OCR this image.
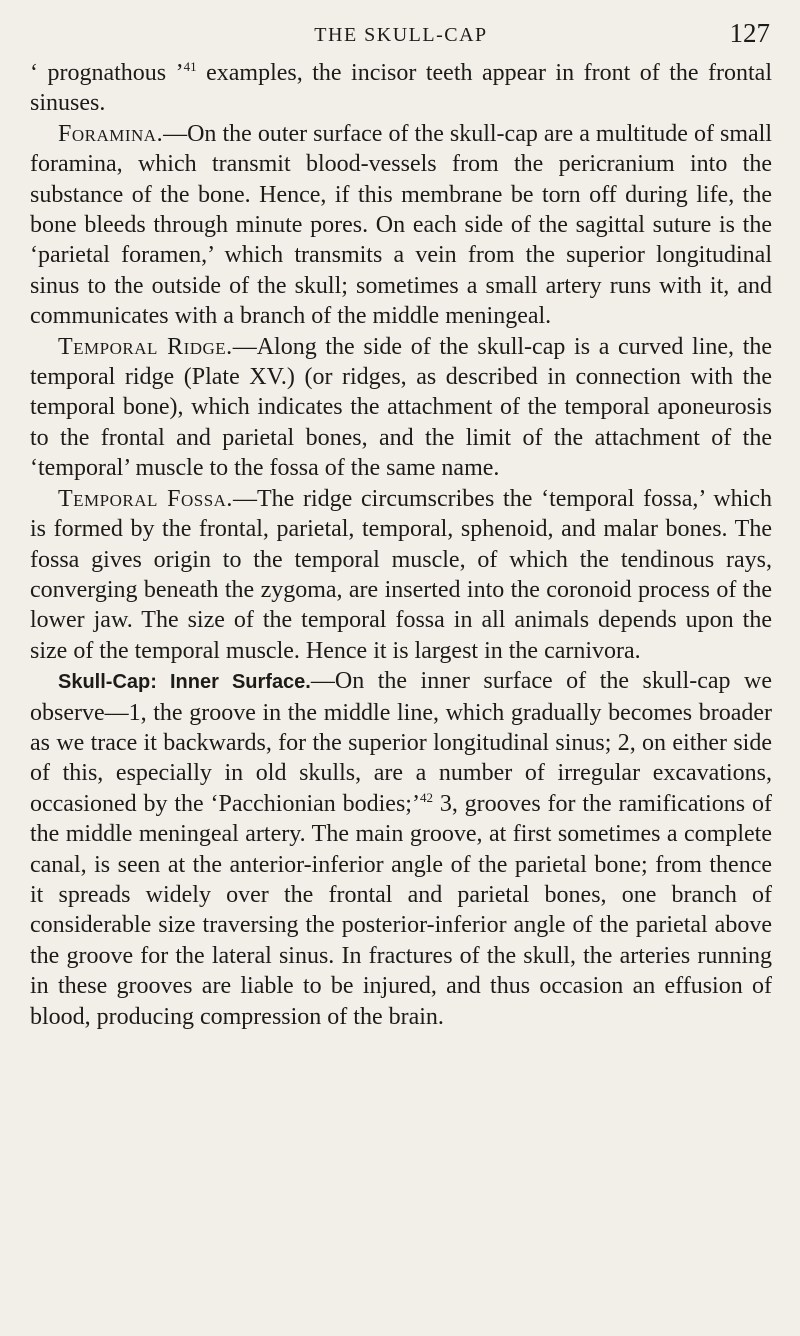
THE SKULL-CAP	127

‘ prognathous ’$^{41}$ examples, the incisor teeth appear in front of the frontal sinuses.

Foramina.—On the outer surface of the skull-cap are a multitude of small foramina, which transmit blood-vessels from the pericranium into the substance of the bone. Hence, if this membrane be torn off during life, the bone bleeds through minute pores. On each side of the sagittal suture is the ‘parietal foramen,’ which transmits a vein from the superior longitudinal sinus to the outside of the skull; sometimes a small artery runs with it, and communicates with a branch of the middle meningeal.

Temporal Ridge.—Along the side of the skull-cap is a curved line, the temporal ridge (Plate XV.) (or ridges, as described in connection with the temporal bone), which indicates the attachment of the temporal aponeurosis to the frontal and parietal bones, and the limit of the attachment of the ‘temporal’ muscle to the fossa of the same name.

Temporal Fossa.—The ridge circumscribes the ‘temporal fossa,’ which is formed by the frontal, parietal, temporal, sphenoid, and malar bones. The fossa gives origin to the temporal muscle, of which the tendinous rays, converging beneath the zygoma, are inserted into the coronoid process of the lower jaw. The size of the temporal fossa in all animals depends upon the size of the temporal muscle. Hence it is largest in the carnivora.

Skull-Cap: Inner Surface.—On the inner surface of the skull-cap we observe—1, the groove in the middle line, which gradually becomes broader as we trace it backwards, for the superior longitudinal sinus; 2, on either side of this, especially in old skulls, are a number of irregular excavations, occasioned by the ‘Pacchionian bodies;’$^{42}$ 3, grooves for the ramifications of the middle meningeal artery. The main groove, at first sometimes a complete canal, is seen at the anterior-inferior angle of the parietal bone; from thence it spreads widely over the frontal and parietal bones, one branch of considerable size traversing the posterior-inferior angle of the parietal above the groove for the lateral sinus. In fractures of the skull, the arteries running in these grooves are liable to be injured, and thus occasion an effusion of blood, producing compression of the brain.
